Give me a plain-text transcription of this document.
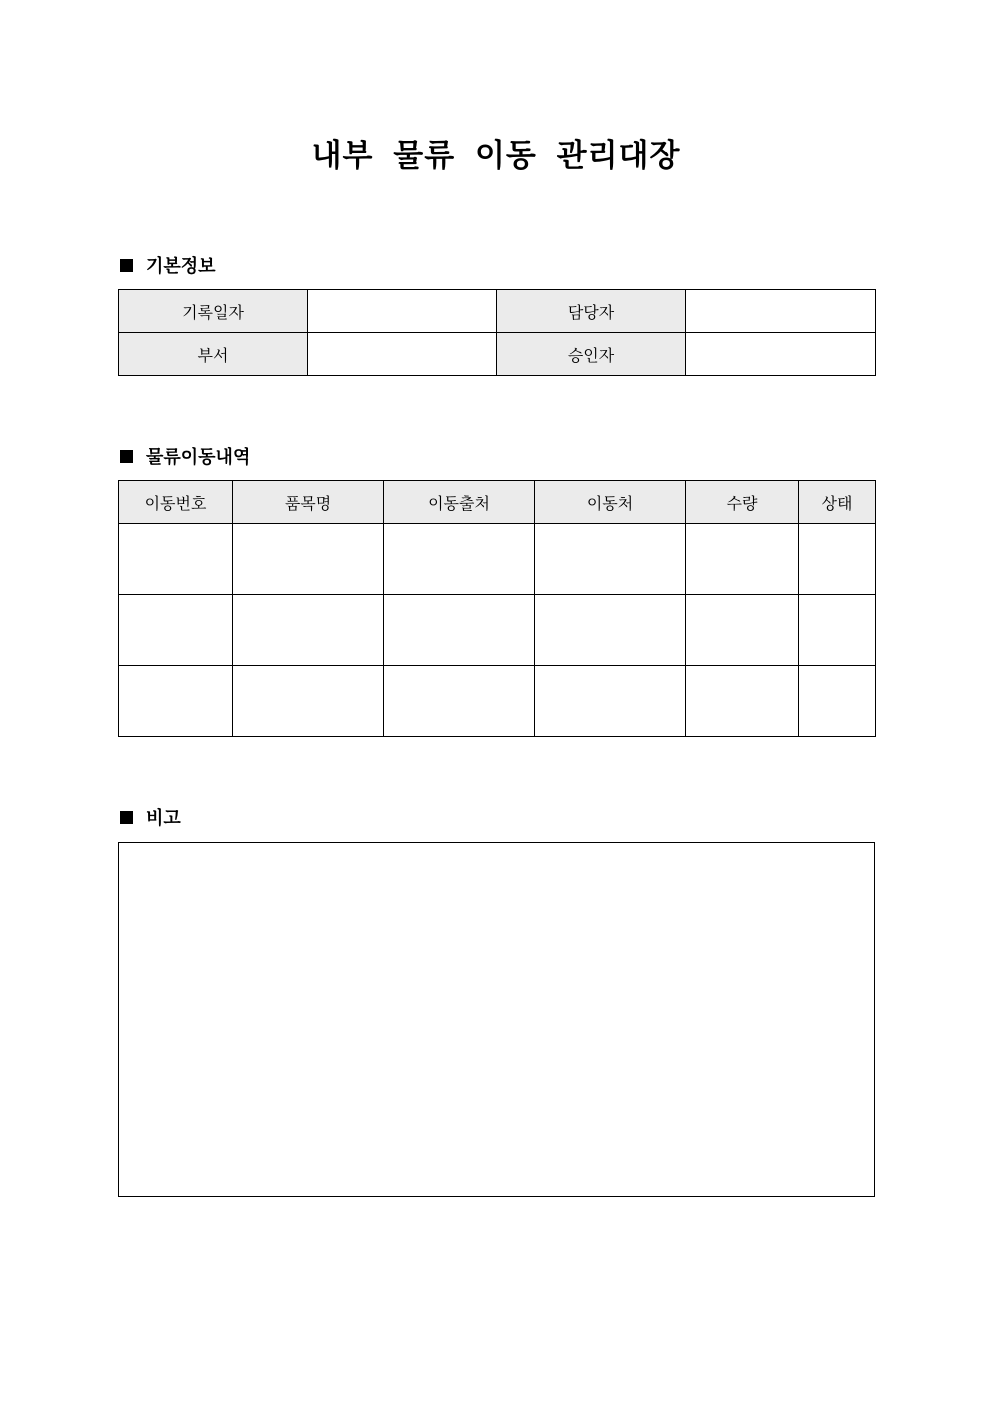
내부 물류 이동 관리대장
기본정보
기록일자		담당자	
부서		승인자	
물류이동내역
이동번호	품목명	이동출처	이동처	수량	상태

비고
